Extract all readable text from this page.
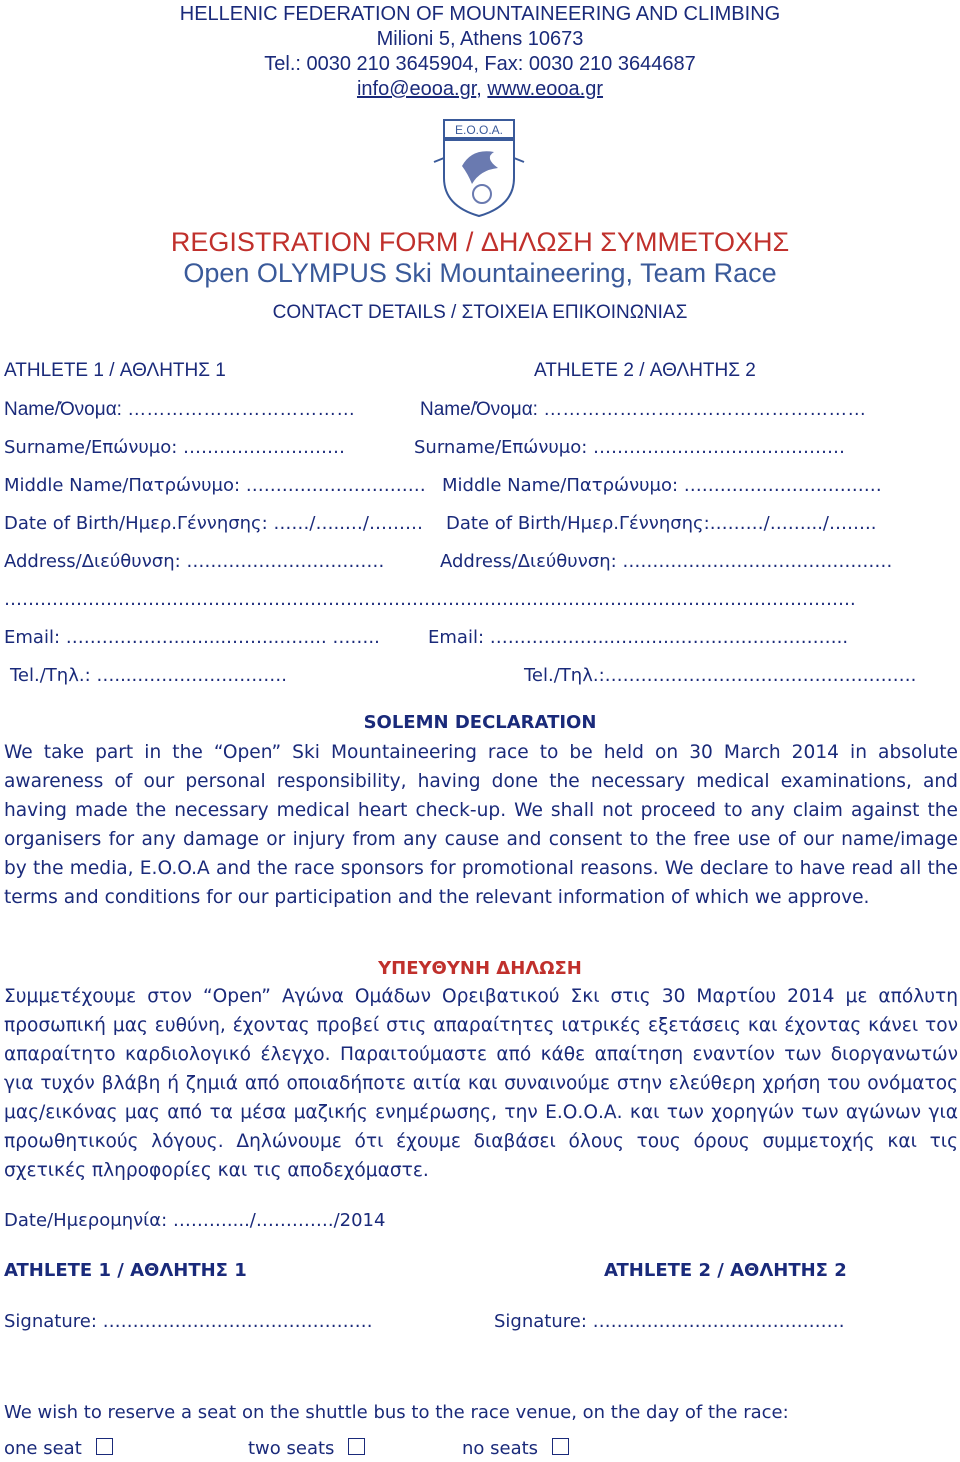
HELLENIC FEDERATION OF MOUNTAINEERING AND CLIMBING
Milioni 5, Athens 10673
Tel.: 0030 210 3645904, Fax: 0030 210 3644687
info@eooa.gr, www.eooa.gr
E.O.O.A.
REGISTRATION FORM / ΔΗΛΩΣΗ ΣΥΜΜΕΤΟΧΗΣ
Open OLYMPUS Ski Mountaineering, Team Race
CONTACT DETAILS / ΣΤΟΙΧΕΙΑ ΕΠΙΚΟΙΝΩΝΙΑΣ
ATHLETE 1 / ΑΘΛΗΤΗΣ 1	ATHLETE 2 / ΑΘΛΗΤΗΣ 2
Name/Όνομα: ………………………………	Name/Όνομα: ……………………………………………
Surname/Επώνυμο: ………………………	Surname/Επώνυμο: ……………………………………
Middle Name/Πατρώνυμο: ………………………… Middle Name/Πατρώνυμο: ……………………………
Date of Birth/Ημερ.Γέννησης: ……/…..…/……… Date of Birth/Ημερ.Γέννησης:………/…….../……..
Address/Διεύθυνση: ……………………………	Address/Διεύθυνση: ………………………………………
…………………………………………………………………………………………………………………………….
Email: ………………..…....……...…….. ……..	Email: ………………..………..………………………..
Tel./Τηλ.: …....…………………….	Tel./Τηλ.:…………………………………………….
SOLEMN DECLARATION
We take part in the “Open” Ski Mountaineering race to be held on 30 March 2014 in absolute awareness of our personal responsibility, having done the necessary medical examinations, and having made the necessary medical heart check-up. We shall not proceed to any claim against the organisers for any damage or injury from any cause and consent to the free use of our name/image by the media, E.O.O.A and the race sponsors for promotional reasons. We declare to have read all the terms and conditions for our participation and the relevant information of which we approve.
ΥΠΕΥΘΥΝΗ ΔΗΛΩΣΗ
Συμμετέχουμε στον “Open” Αγώνα Ομάδων Ορειβατικού Σκι στις 30 Μαρτίου 2014 με απόλυτη προσωπική μας ευθύνη, έχοντας προβεί στις απαραίτητες ιατρικές εξετάσεις και έχοντας κάνει τον απαραίτητο καρδιολογικό έλεγχο. Παραιτούμαστε από κάθε απαίτηση εναντίον των διοργανωτών για τυχόν βλάβη ή ζημιά από οποιαδήποτε αιτία και συναινούμε στην ελεύθερη χρήση του ονόματος μας/εικόνας μας από τα μέσα μαζικής ενημέρωσης, την Ε.Ο.Ο.Α. και των χορηγών των αγώνων για προωθητικούς λόγους. Δηλώνουμε ότι έχουμε διαβάσει όλους τους όρους συμμετοχής και τις σχετικές πληροφορίες και τις αποδεχόμαστε.
Date/Ημερομηνία: ………..../…………./2014
ATHLETE 1 / ΑΘΛΗΤΗΣ 1	ATHLETE 2 / ΑΘΛΗΤΗΣ 2
Signature: ………………………………………	Signature: ……………………………………
We wish to reserve a seat on the shuttle bus to the race venue, on the day of the race:
one seat	two seats	no seats
